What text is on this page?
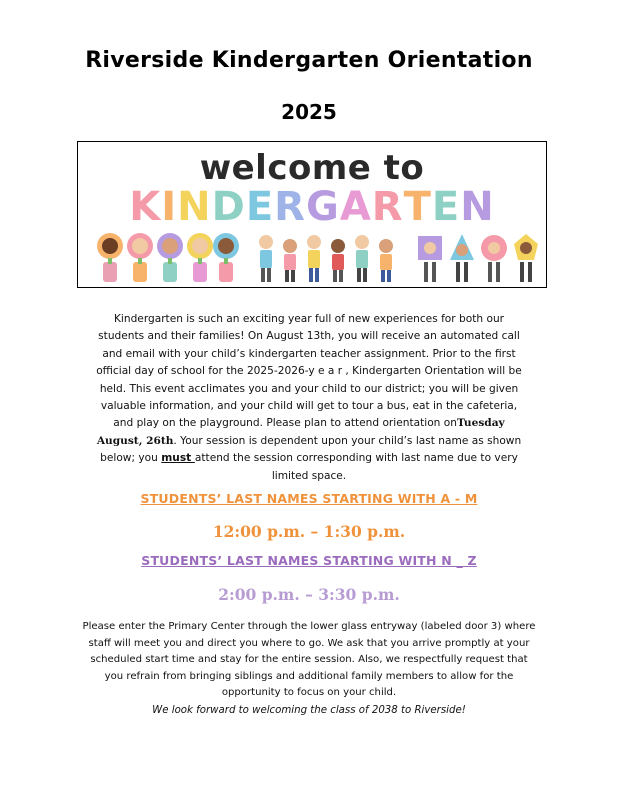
Riverside Kindergarten Orientation
2025
welcome to
KINDERGARTEN
Kindergarten is such an exciting year full of new experiences for both our
students and their families! On August 13th, you will receive an automated call
and email with your child’s kindergarten teacher assignment. Prior to the first
official day of school for the 2025-2026-y e a r , Kindergarten Orientation will be
held. This event acclimates you and your child to our district; you will be given
valuable information, and your child will get to tour a bus, eat in the cafeteria,
and play on the playground. Please plan to attend orientation onTuesday
August, 26th. Your session is dependent upon your child’s last name as shown
below; you must attend the session corresponding with last name due to very
limited space.
STUDENTS’ LAST NAMES STARTING WITH A - M
12:00 p.m. – 1:30 p.m.
STUDENTS’ LAST NAMES STARTING WITH N _ Z
2:00 p.m. – 3:30 p.m.
Please enter the Primary Center through the lower glass entryway (labeled door 3) where
staff will meet you and direct you where to go. We ask that you arrive promptly at your
scheduled start time and stay for the entire session. Also, we respectfully request that
you refrain from bringing siblings and additional family members to allow for the
opportunity to focus on your child.
We look forward to welcoming the class of 2038 to Riverside!
